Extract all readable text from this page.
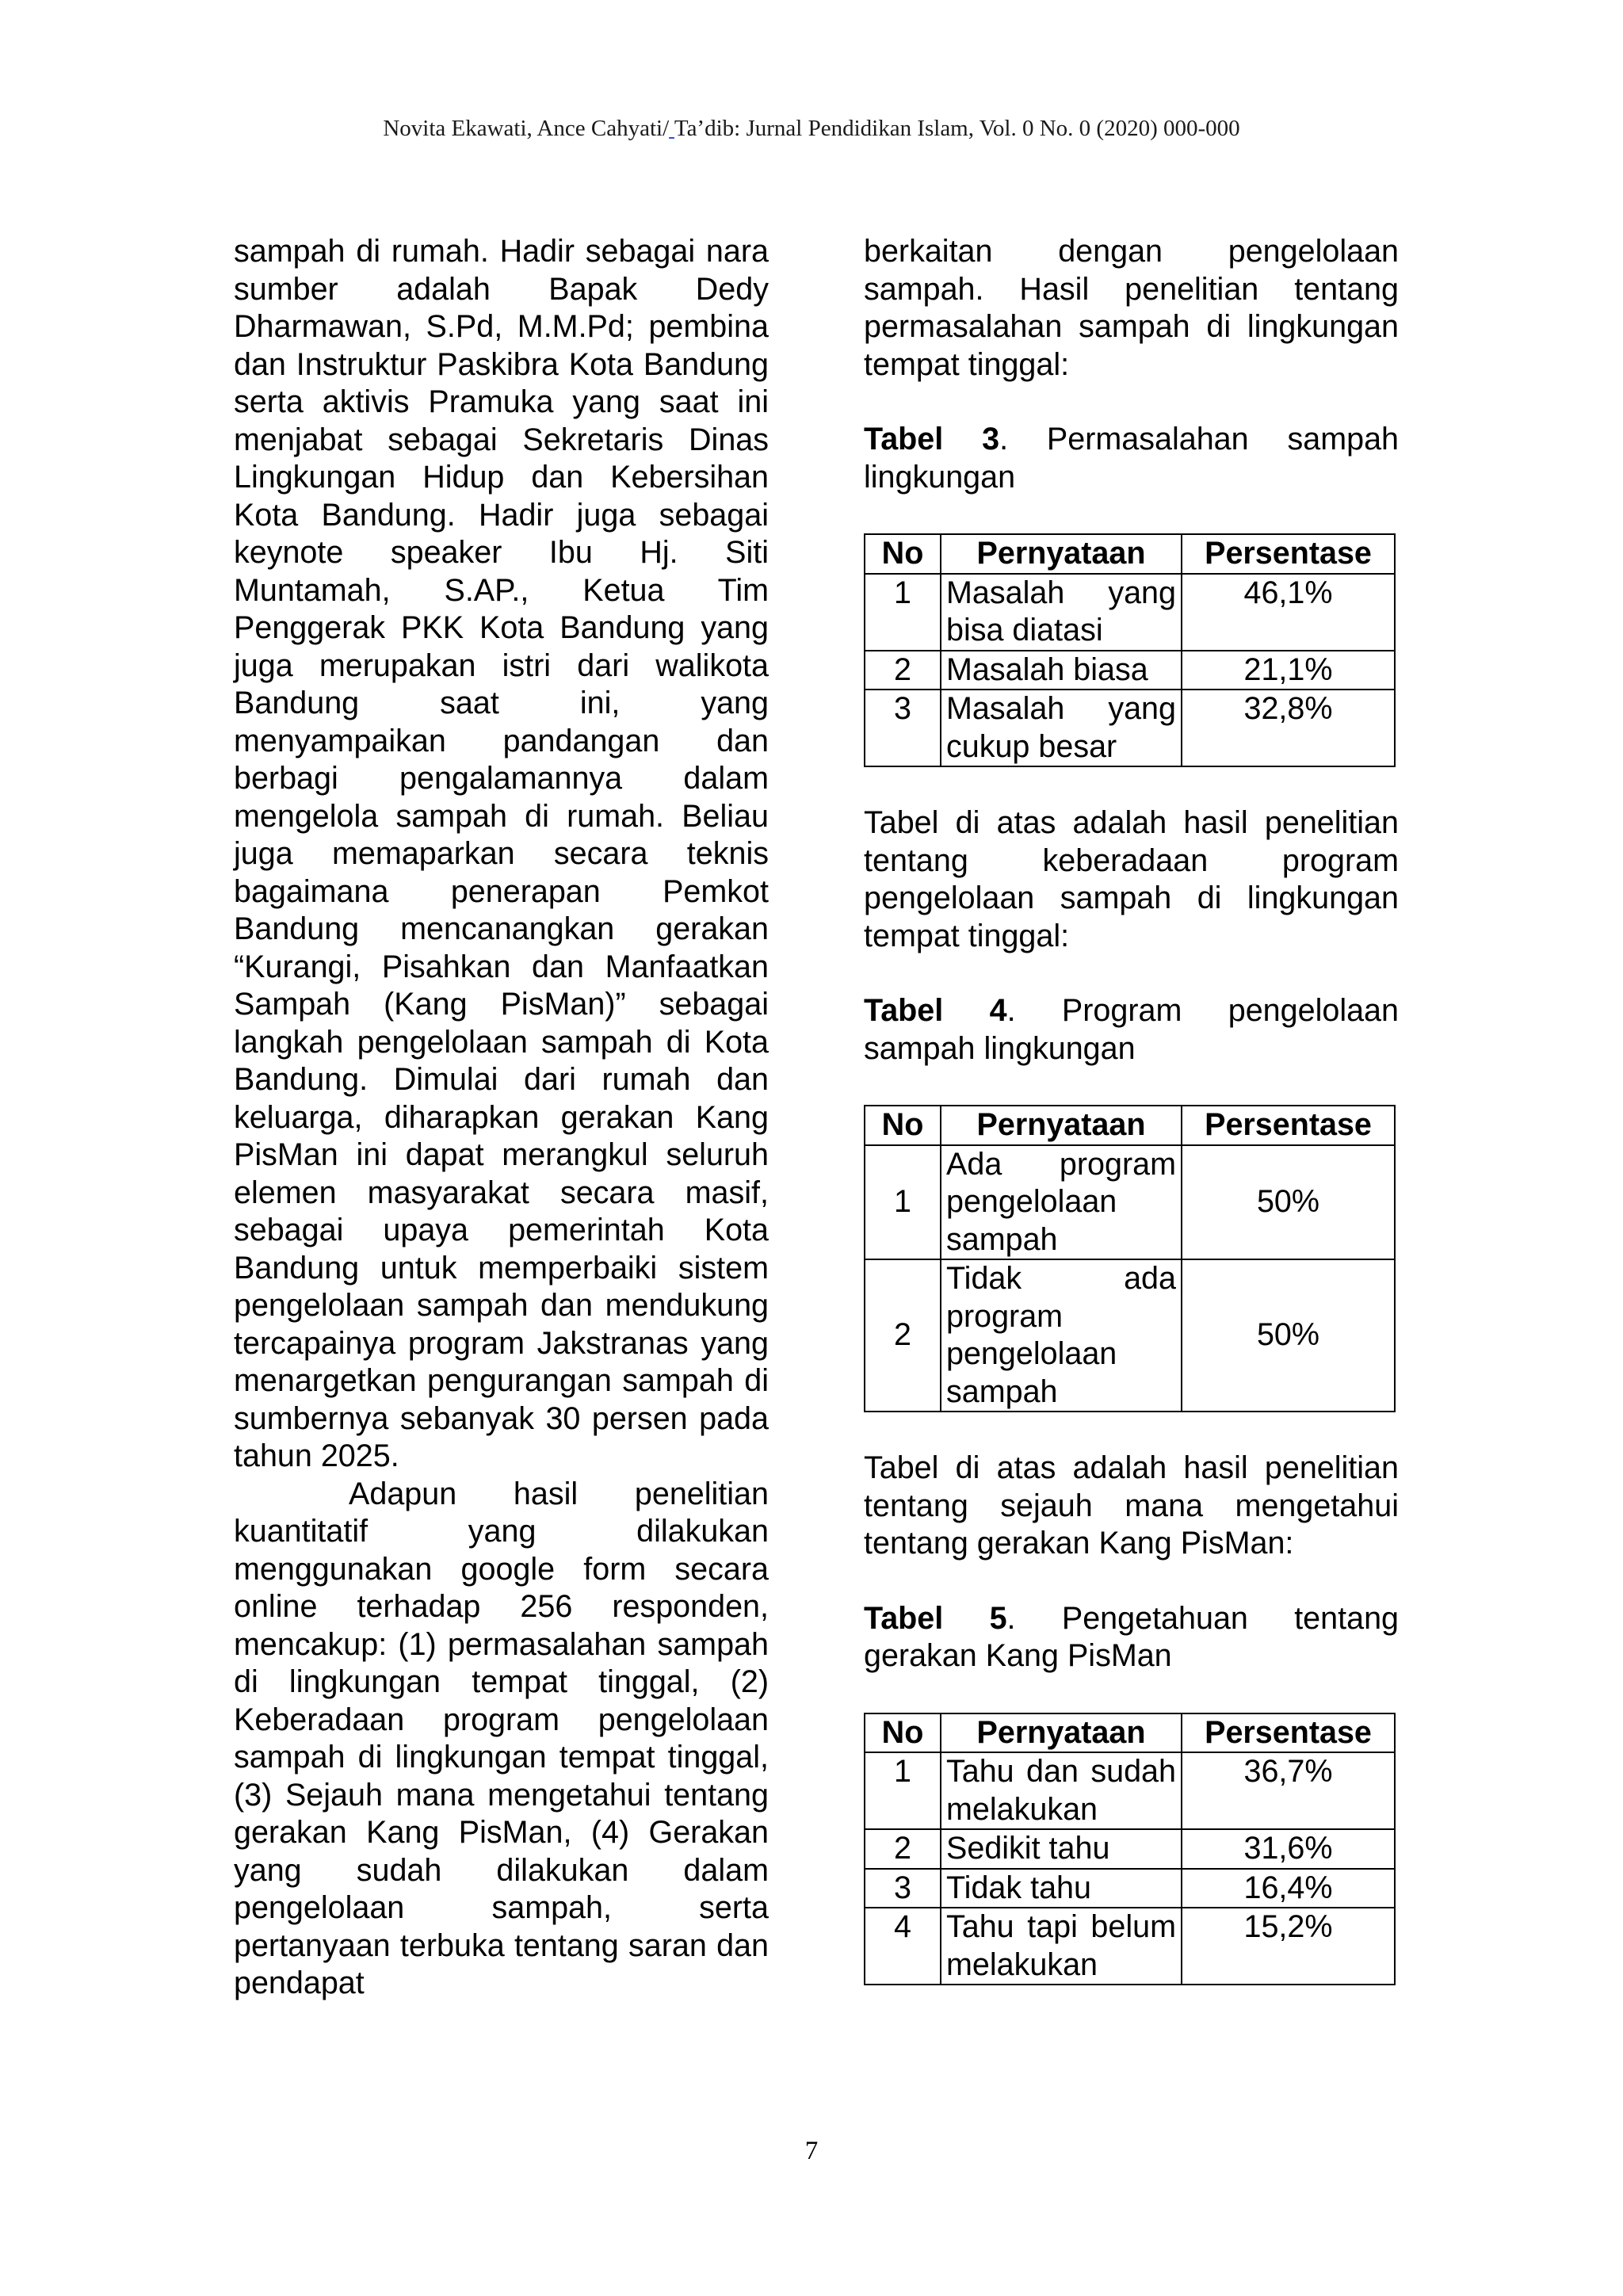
Novita Ekawati, Ance Cahyati/ Ta’dib: Jurnal Pendidikan Islam, Vol. 0 No. 0 (2020) 000-000

sampah di rumah. Hadir sebagai nara sumber adalah Bapak Dedy Dharmawan, S.Pd, M.M.Pd; pembina dan Instruktur Paskibra Kota Bandung serta aktivis Pramuka yang saat ini menjabat sebagai Sekretaris Dinas Lingkungan Hidup dan Kebersihan Kota Bandung. Hadir juga sebagai keynote speaker Ibu Hj. Siti Muntamah, S.AP., Ketua Tim Penggerak PKK Kota Bandung yang juga merupakan istri dari walikota Bandung saat ini, yang menyampaikan pandangan dan berbagi pengalamannya dalam mengelola sampah di rumah. Beliau juga memaparkan secara teknis bagaimana penerapan Pemkot Bandung mencanangkan gerakan “Kurangi, Pisahkan dan Manfaatkan Sampah (Kang PisMan)” sebagai langkah pengelolaan sampah di Kota Bandung. Dimulai dari rumah dan keluarga, diharapkan gerakan Kang PisMan ini dapat merangkul seluruh elemen masyarakat secara masif, sebagai upaya pemerintah Kota Bandung untuk memperbaiki sistem pengelolaan sampah dan mendukung tercapainya program Jakstranas yang menargetkan pengurangan sampah di sumbernya sebanyak 30 persen pada tahun 2025.

Adapun hasil penelitian kuantitatif yang dilakukan menggunakan google form secara online terhadap 256 responden, mencakup: (1) permasalahan sampah di lingkungan tempat tinggal, (2) Keberadaan program pengelolaan sampah di lingkungan tempat tinggal, (3) Sejauh mana mengetahui tentang gerakan Kang PisMan, (4) Gerakan yang sudah dilakukan dalam pengelolaan sampah, serta pertanyaan terbuka tentang saran dan pendapat

berkaitan dengan pengelolaan sampah. Hasil penelitian tentang permasalahan sampah di lingkungan tempat tinggal:

Tabel 3. Permasalahan sampah lingkungan

No	Pernyataan	Persentase
1	Masalah yang bisa diatasi	46,1%
2	Masalah biasa	21,1%
3	Masalah yang cukup besar	32,8%

Tabel di atas adalah hasil penelitian tentang keberadaan program pengelolaan sampah di lingkungan tempat tinggal:

Tabel 4. Program pengelolaan sampah lingkungan

No	Pernyataan	Persentase
1	Ada program pengelolaan sampah	50%
2	Tidak ada program pengelolaan sampah	50%

Tabel di atas adalah hasil penelitian tentang sejauh mana mengetahui tentang gerakan Kang PisMan:

Tabel 5. Pengetahuan tentang gerakan Kang PisMan

No	Pernyataan	Persentase
1	Tahu dan sudah melakukan	36,7%
2	Sedikit tahu	31,6%
3	Tidak tahu	16,4%
4	Tahu tapi belum melakukan	15,2%
7
